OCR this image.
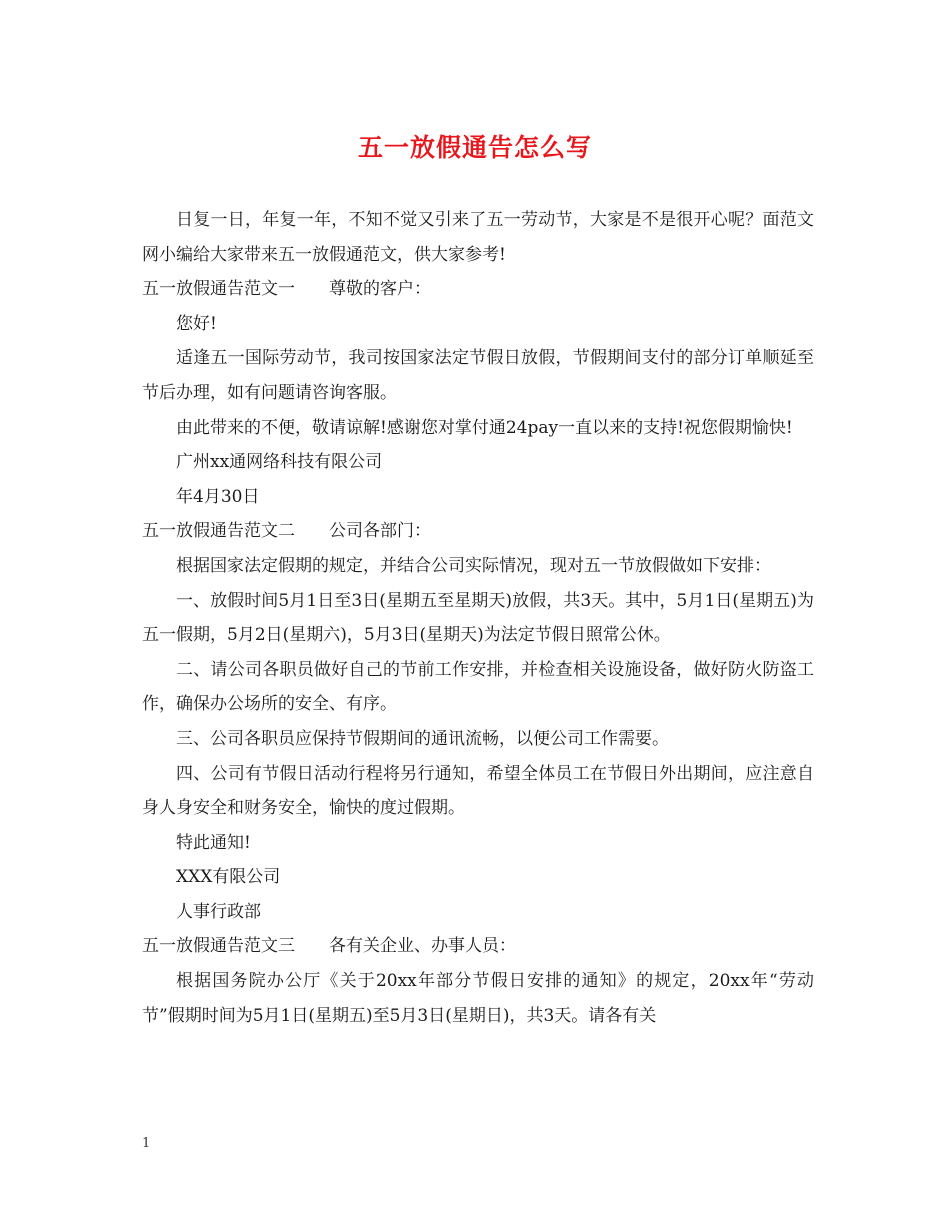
五一放假通告怎么写

日复一日，年复一年，不知不觉又引来了五一劳动节，大家是不是很开心呢？面范文网小编给大家带来五一放假通范文，供大家参考!

五一放假通告范文一 尊敬的客户：

您好!

适逢五一国际劳动节，我司按国家法定节假日放假，节假期间支付的部分订单顺延至节后办理，如有问题请咨询客服。

由此带来的不便，敬请谅解!感谢您对掌付通24pay一直以来的支持!祝您假期愉快!

广州xx通网络科技有限公司

年4月30日

五一放假通告范文二 公司各部门：

根据国家法定假期的规定，并结合公司实际情况，现对五一节放假做如下安排：

一、放假时间5月1日至3日(星期五至星期天)放假，共3天。其中，5月1日(星期五)为五一假期，5月2日(星期六)，5月3日(星期天)为法定节假日照常公休。

二、请公司各职员做好自己的节前工作安排，并检查相关设施设备，做好防火防盗工作，确保办公场所的安全、有序。

三、公司各职员应保持节假期间的通讯流畅，以便公司工作需要。

四、公司有节假日活动行程将另行通知，希望全体员工在节假日外出期间，应注意自身人身安全和财务安全，愉快的度过假期。

特此通知!

XXX有限公司

人事行政部

五一放假通告范文三 各有关企业、办事人员：

根据国务院办公厅《关于20xx年部分节假日安排的通知》的规定，20xx年“劳动节”假期时间为5月1日(星期五)至5月3日(星期日)，共3天。请各有关

1
